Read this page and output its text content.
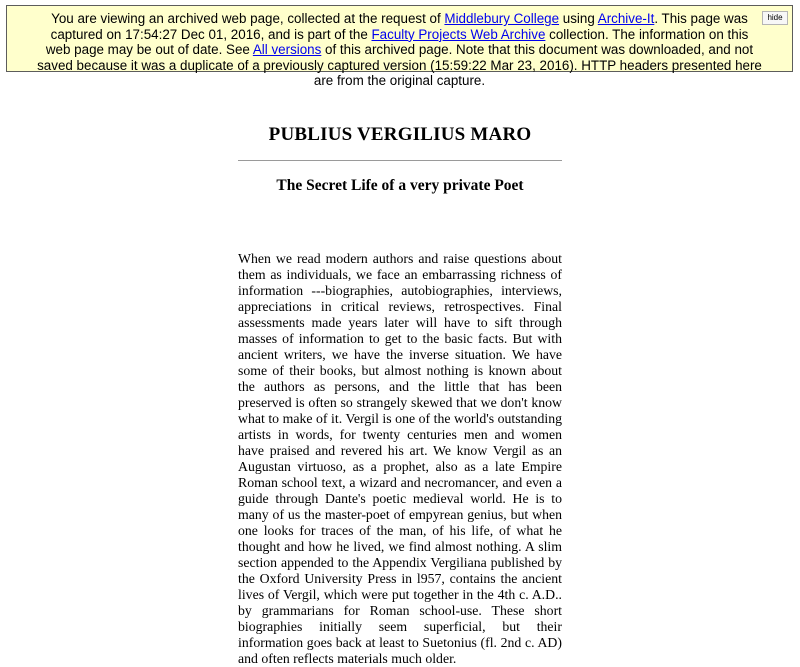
You are viewing an archived web page, collected at the request of Middlebury College using Archive-It. This page was captured on 17:54:27 Dec 01, 2016, and is part of the Faculty Projects Web Archive collection. The information on this web page may be out of date. See All versions of this archived page. Note that this document was downloaded, and not saved because it was a duplicate of a previously captured version (15:59:22 Mar 23, 2016). HTTP headers presented here are from the original capture.
hide
PUBLIUS VERGILIUS MARO
The Secret Life of a very private Poet

When we read modern authors and raise questions about them as individuals, we face an embarrassing richness of information ---biographies, autobiographies, interviews, appreciations in critical reviews, retrospectives. Final assessments made years later will have to sift through masses of information to get to the basic facts. But with ancient writers, we have the inverse situation. We have some of their books, but almost nothing is known about the authors as persons, and the little that has been preserved is often so strangely skewed that we don't know what to make of it. Vergil is one of the world's outstanding artists in words, for twenty centuries men and women have praised and revered his art. We know Vergil as an Augustan virtuoso, as a prophet, also as a late Empire Roman school text, a wizard and necromancer, and even a guide through Dante's poetic medieval world. He is to many of us the master-poet of empyrean genius, but when one looks for traces of the man, of his life, of what he thought and how he lived, we find almost nothing. A slim section appended to the Appendix Vergiliana published by the Oxford University Press in l957, contains the ancient lives of Vergil, which were put together in the 4th c. A.D.. by grammarians for Roman school-use. These short biographies initially seem superficial, but their information goes back at least to Suetonius (fl. 2nd c. AD) and often reflects materials much older.
